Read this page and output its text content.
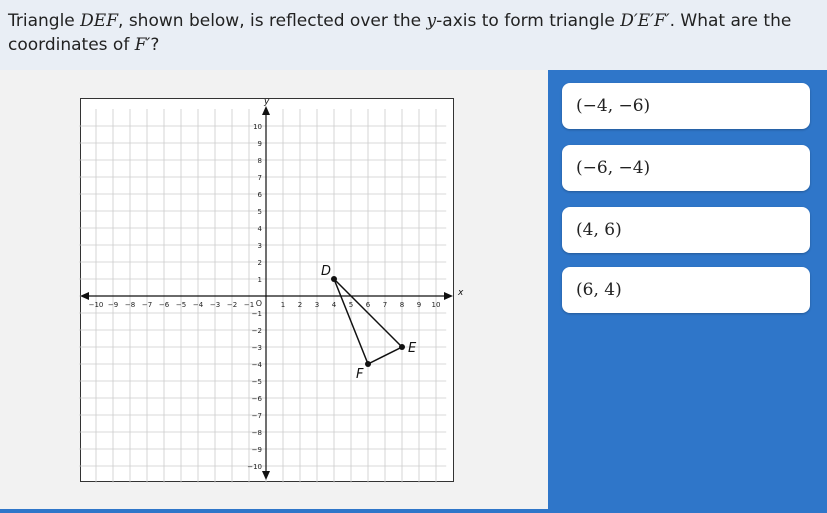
Triangle DEF, shown below, is reflected over the y-axis to form triangle D′E′F′. What are the coordinates of F′?
x
y
−10 −9 −8 −7 −6 −5 −4 −3 −2 −1	1 2 3 4 5 6 7 8 9 10
10
9
8
7
6
5
4
3
2
1
−1
−2
−3
−4
−5
−6
−7
−8
−9
−10
O
D
E
F
(−4, −6)
(−6, −4)
(4, 6)
(6, 4)
